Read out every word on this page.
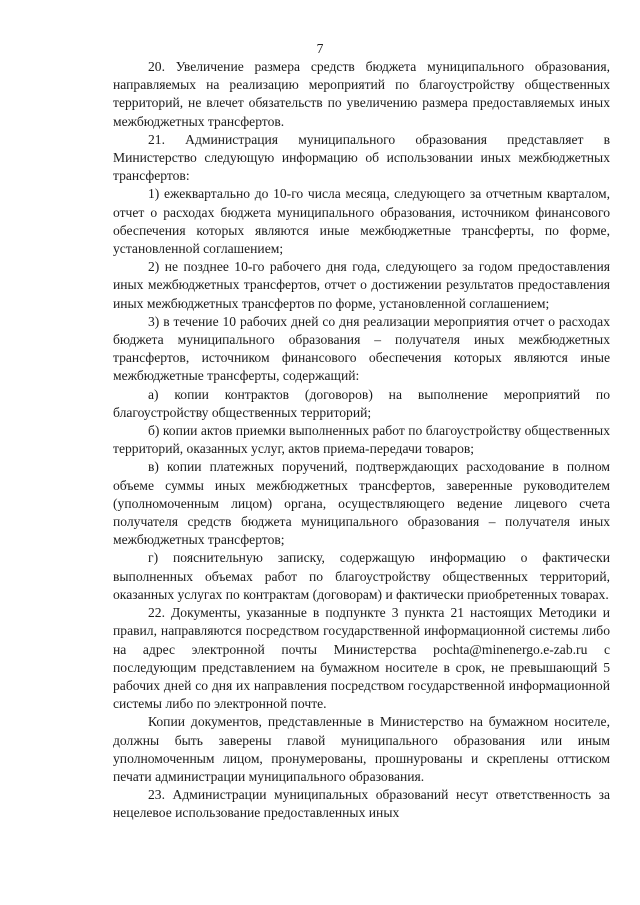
7

20. Увеличение размера средств бюджета муниципального образования, направляемых на реализацию мероприятий по благоустройству общественных территорий, не влечет обязательств по увеличению размера предоставляемых иных межбюджетных трансфертов.

21. Администрация муниципального образования представляет в Министерство следующую информацию об использовании иных межбюджетных трансфертов:

1) ежеквартально до 10-го числа месяца, следующего за отчетным кварталом, отчет о расходах бюджета муниципального образования, источником финансового обеспечения которых являются иные межбюджетные трансферты, по форме, установленной соглашением;

2) не позднее 10-го рабочего дня года, следующего за годом предоставления иных межбюджетных трансфертов, отчет о достижении результатов предоставления иных межбюджетных трансфертов по форме, установленной соглашением;

3) в течение 10 рабочих дней со дня реализации мероприятия отчет о расходах бюджета муниципального образования – получателя иных межбюджетных трансфертов, источником финансового обеспечения которых являются иные межбюджетные трансферты, содержащий:

а) копии контрактов (договоров) на выполнение мероприятий по благоустройству общественных территорий;

б) копии актов приемки выполненных работ по благоустройству общественных территорий, оказанных услуг, актов приема-передачи товаров;

в) копии платежных поручений, подтверждающих расходование в полном объеме суммы иных межбюджетных трансфертов, заверенные руководителем (уполномоченным лицом) органа, осуществляющего ведение лицевого счета получателя средств бюджета муниципального образования – получателя иных межбюджетных трансфертов;

г) пояснительную записку, содержащую информацию о фактически выполненных объемах работ по благоустройству общественных территорий, оказанных услугах по контрактам (договорам) и фактически приобретенных товарах.

22. Документы, указанные в подпункте 3 пункта 21 настоящих Методики и правил, направляются посредством государственной информационной системы либо на адрес электронной почты Министерства pochta@minenergo.e-zab.ru с последующим представлением на бумажном носителе в срок, не превышающий 5 рабочих дней со дня их направления посредством государственной информационной системы либо по электронной почте.

Копии документов, представленные в Министерство на бумажном носителе, должны быть заверены главой муниципального образования или иным уполномоченным лицом, пронумерованы, прошнурованы и скреплены оттиском печати администрации муниципального образования.

23. Администрации муниципальных образований несут ответственность за нецелевое использование предоставленных иных
